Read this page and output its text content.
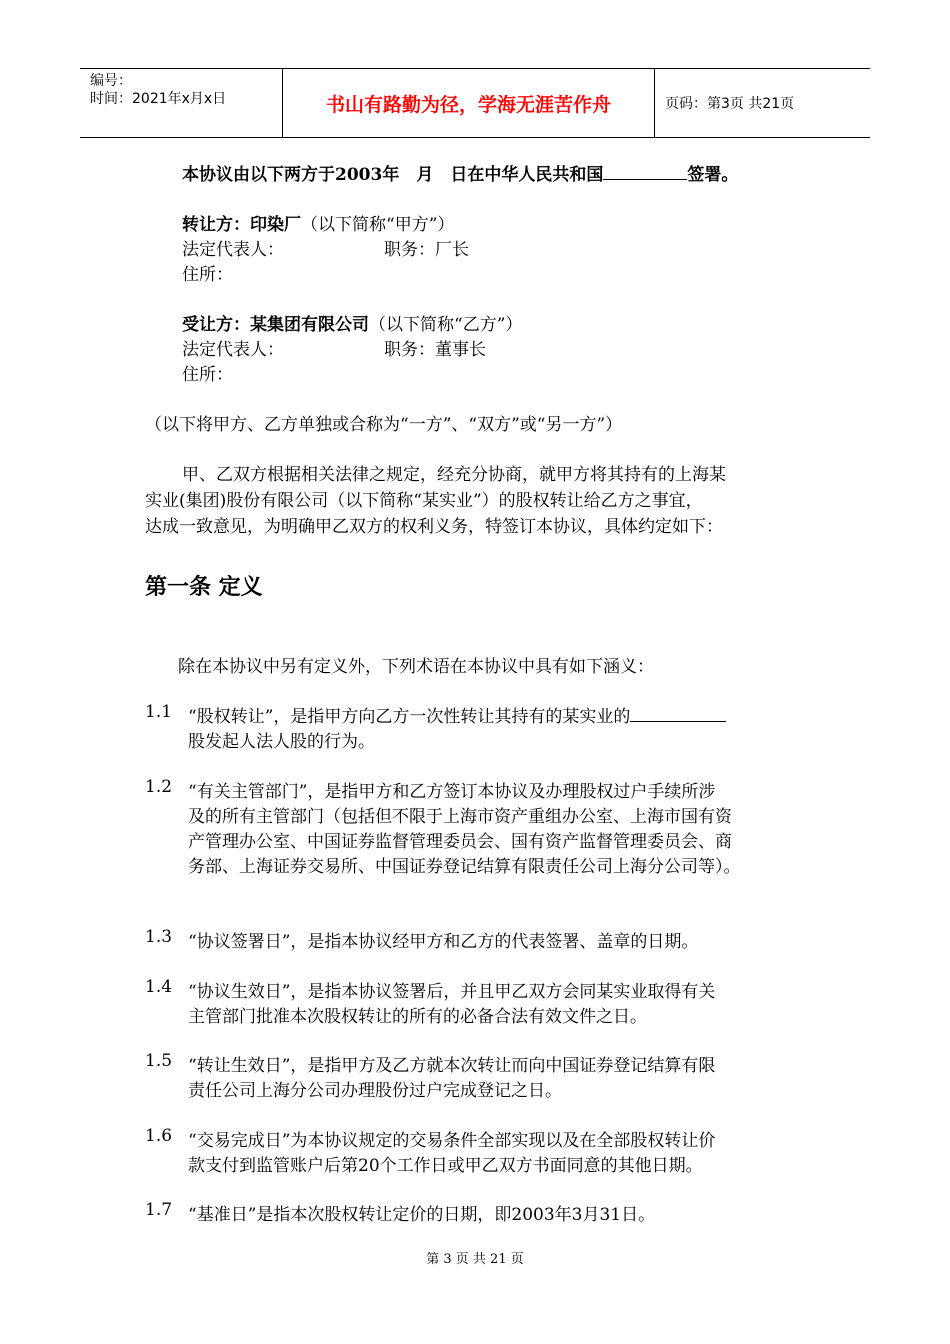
编号：
时间：2021年x月x日	书山有路勤为径，学海无涯苦作舟	页码：第3页 共21页
本协议由以下两方于2003年　月　日在中华人民共和国	签署。
转让方：印染厂（以下简称“甲方”）
法定代表人：	职务：厂长
住所：
受让方：某集团有限公司（以下简称“乙方”）
法定代表人：	职务：董事长
住所：
（以下将甲方、乙方单独或合称为“一方”、“双方”或“另一方”）
甲、乙双方根据相关法律之规定，经充分协商，就甲方将其持有的上海某
实业(集团)股份有限公司（以下简称“某实业”）的股权转让给乙方之事宜，
达成一致意见，为明确甲乙双方的权利义务，特签订本协议，具体约定如下：
第一条 定义
除在本协议中另有定义外，下列术语在本协议中具有如下涵义：
1.1 “股权转让”，是指甲方向乙方一次性转让其持有的某实业的
股发起人法人股的行为。
1.2 “有关主管部门”，是指甲方和乙方签订本协议及办理股权过户手续所涉
及的所有主管部门（包括但不限于上海市资产重组办公室、上海市国有资
产管理办公室、中国证券监督管理委员会、国有资产监督管理委员会、商
务部、上海证券交易所、中国证券登记结算有限责任公司上海分公司等）。
1.3 “协议签署日”，是指本协议经甲方和乙方的代表签署、盖章的日期。
1.4 “协议生效日”，是指本协议签署后，并且甲乙双方会同某实业取得有关
主管部门批准本次股权转让的所有的必备合法有效文件之日。
1.5 “转让生效日”，是指甲方及乙方就本次转让而向中国证券登记结算有限
责任公司上海分公司办理股份过户完成登记之日。
1.6 “交易完成日”为本协议规定的交易条件全部实现以及在全部股权转让价
款支付到监管账户后第20个工作日或甲乙双方书面同意的其他日期。
1.7 “基准日”是指本次股权转让定价的日期，即2003年3月31日。
第 3 页 共 21 页
